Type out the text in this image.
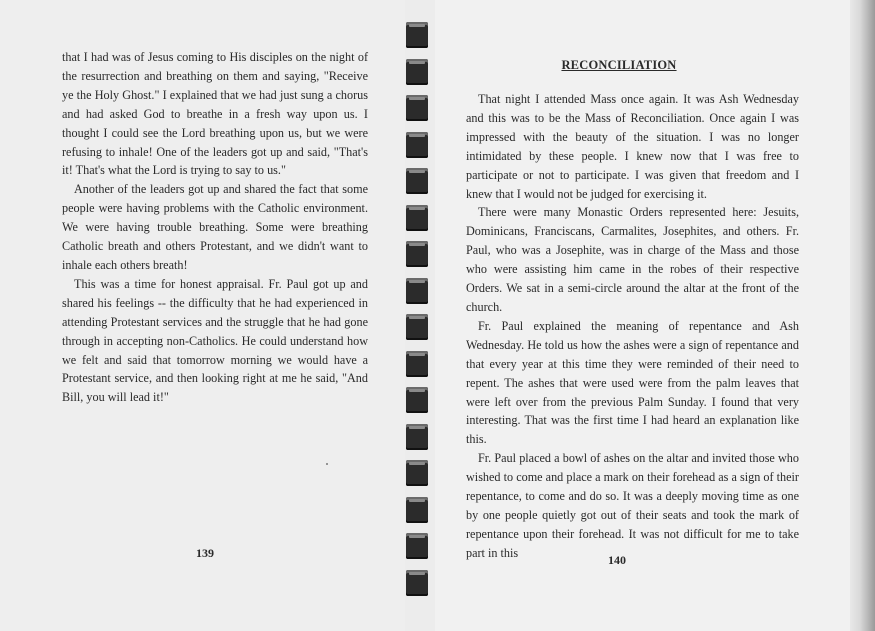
that I had was of Jesus coming to His disciples on the night of the resurrection and breathing on them and saying, "Receive ye the Holy Ghost." I explained that we had just sung a chorus and had asked God to breathe in a fresh way upon us. I thought I could see the Lord breathing upon us, but we were refusing to inhale! One of the leaders got up and said, "That's it! That's what the Lord is trying to say to us."

Another of the leaders got up and shared the fact that some people were having problems with the Catholic environment. We were having trouble breathing. Some were breathing Catholic breath and others Protestant, and we didn't want to inhale each others breath!

This was a time for honest appraisal. Fr. Paul got up and shared his feelings -- the difficulty that he had experienced in attending Protestant services and the struggle that he had gone through in accepting non-Catholics. He could understand how we felt and said that tomorrow morning we would have a Protestant service, and then looking right at me he said, "And Bill, you will lead it!"

That night I attended Mass once again. It was Ash Wednesday and this was to be the Mass of Reconciliation. Once again I was impressed with the beauty of the situation. I was no longer intimidated by these people. I knew now that I was free to participate or not to participate. I was given that freedom and I knew that I would not be judged for exercising it.

There were many Monastic Orders represented here: Jesuits, Dominicans, Franciscans, Carmalites, Josephites, and others. Fr. Paul, who was a Josephite, was in charge of the Mass and those who were assisting him came in the robes of their respective Orders. We sat in a semi-circle around the altar at the front of the church.

Fr. Paul explained the meaning of repentance and Ash Wednesday. He told us how the ashes were a sign of repentance and that every year at this time they were reminded of their need to repent. The ashes that were used were from the palm leaves that were left over from the previous Palm Sunday. I found that very interesting. That was the first time I had heard an explanation like this.

Fr. Paul placed a bowl of ashes on the altar and invited those who wished to come and place a mark on their forehead as a sign of their repentance, to come and do so. It was a deeply moving time as one by one people quietly got out of their seats and took the mark of repentance upon their forehead. It was not difficult for me to take part in this

RECONCILIATION
139	140
